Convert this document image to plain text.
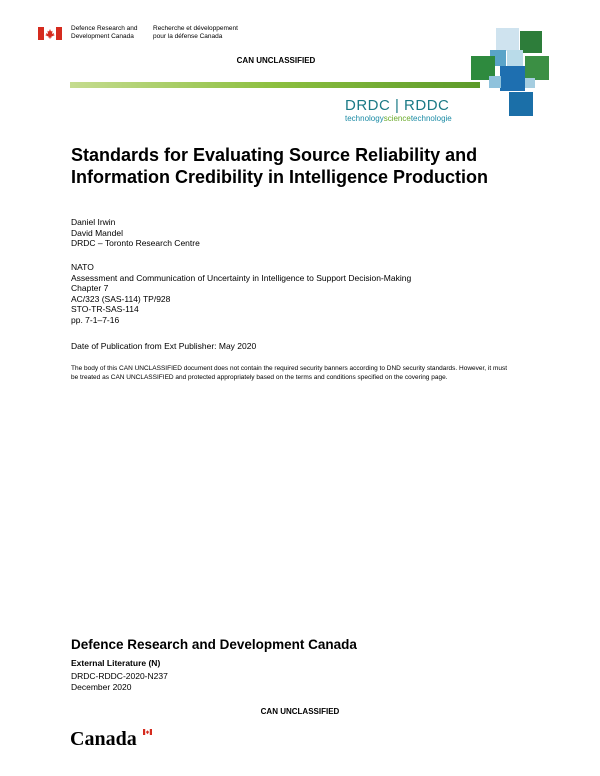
Defence Research and
Development Canada
Recherche et développement
pour la défense Canada
CAN UNCLASSIFIED
DRDC | RDDC
technologysciencetechnologie
Standards for Evaluating Source Reliability and
Information Credibility in Intelligence Production
Daniel Irwin
David Mandel
DRDC – Toronto Research Centre
NATO
Assessment and Communication of Uncertainty in Intelligence to Support Decision-Making
Chapter 7
AC/323 (SAS-114) TP/928
STO-TR-SAS-114
pp. 7-1–7-16
Date of Publication from Ext Publisher: May 2020
The body of this CAN UNCLASSIFIED document does not contain the required security banners according to DND security standards. However, it must be treated as CAN UNCLASSIFIED and protected appropriately based on the terms and conditions specified on the covering page.
Defence Research and Development Canada
External Literature (N)
DRDC-RDDC-2020-N237
December 2020
CAN UNCLASSIFIED
Canada
